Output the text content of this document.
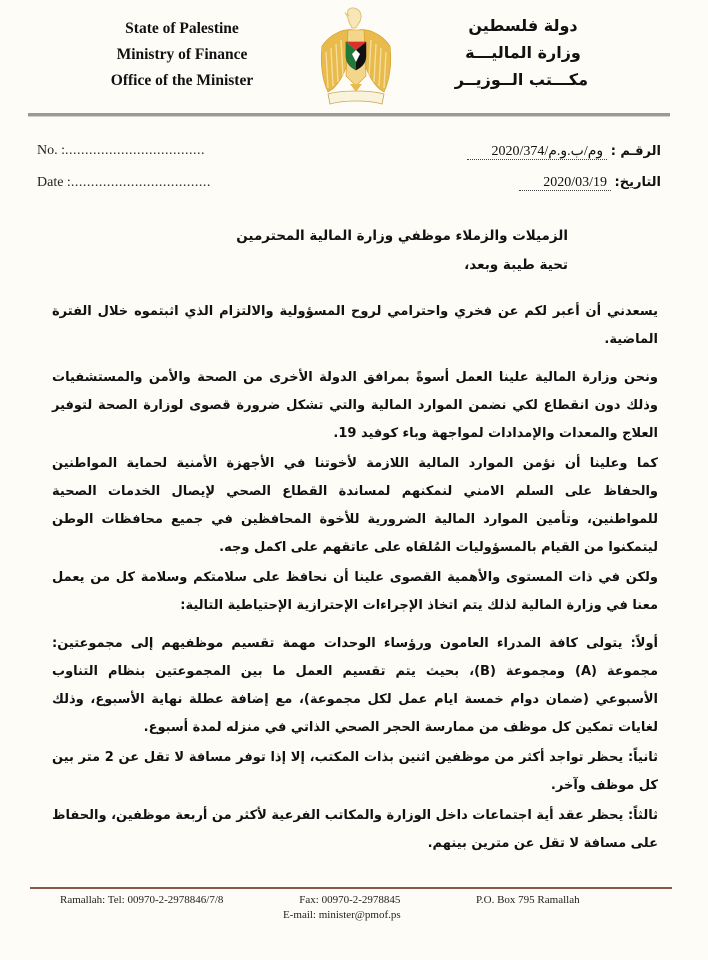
State of Palestine
Ministry of Finance
Office of the Minister
دولة فلسطين
وزارة الماليـــة
مكـــتب الــوزيــر
No. :...................................
Date :...................................
الرقـم : وم/ب.و.م/2020/374
التاريخ: 2020/03/19
الزميلات والزملاء موظفي وزارة المالية المحترمين
تحية طيبة وبعد،

يسعدني أن أعبر لكم عن فخري واحترامي لروح المسؤولية والالتزام الذي اثبتموه خلال الفترة الماضية.

ونحن وزارة المالية علينا العمل أسوةً بمرافق الدولة الأخرى من الصحة والأمن والمستشفيات وذلك دون انقطاع لكي نضمن الموارد المالية والتي تشكل ضرورة قصوى لوزارة الصحة لتوفير العلاج والمعدات والإمدادات لمواجهة وباء كوفيد 19.

كما وعلينا أن نؤمن الموارد المالية اللازمة لأخوتنا في الأجهزة الأمنية لحماية المواطنين والحفاظ على السلم الامني لنمكنهم لمساندة القطاع الصحي لإيصال الخدمات الصحية للمواطنين، وتأمين الموارد المالية الضرورية للأخوة المحافظين في جميع محافظات الوطن ليتمكنوا من القيام بالمسؤوليات المُلقاه على عاتقهم على اكمل وجه.

ولكن في ذات المستوى والأهمية القصوى علينا أن نحافظ على سلامتكم وسلامة كل من يعمل معنا في وزارة المالية لذلك يتم اتخاذ الإجراءات الإحترازية الإحتياطية التالية:

أولاً: يتولى كافة المدراء العامون ورؤساء الوحدات مهمة تقسيم موظفيهم إلى مجموعتين: مجموعة (A) ومجموعة (B)، بحيث يتم تقسيم العمل ما بين المجموعتين بنظام التناوب الأسبوعي (ضمان دوام خمسة ايام عمل لكل مجموعة)، مع إضافة عطلة نهاية الأسبوع، وذلك لغايات تمكين كل موظف من ممارسة الحجر الصحي الذاتي في منزله لمدة أسبوع.

ثانياً: يحظر تواجد أكثر من موظفين اثنين بذات المكتب، إلا إذا توفر مسافة لا تقل عن 2 متر بين كل موظف وآخر.

ثالثاً: يحظر عقد أية اجتماعات داخل الوزارة والمكاتب الفرعية لأكثر من أربعة موظفين، والحفاظ على مسافة لا تقل عن مترين بينهم.

Ramallah: Tel: 00970-2-2978846/7/8	Fax: 00970-2-2978845
E-mail: minister@pmof.ps
P.O. Box 795 Ramallah
